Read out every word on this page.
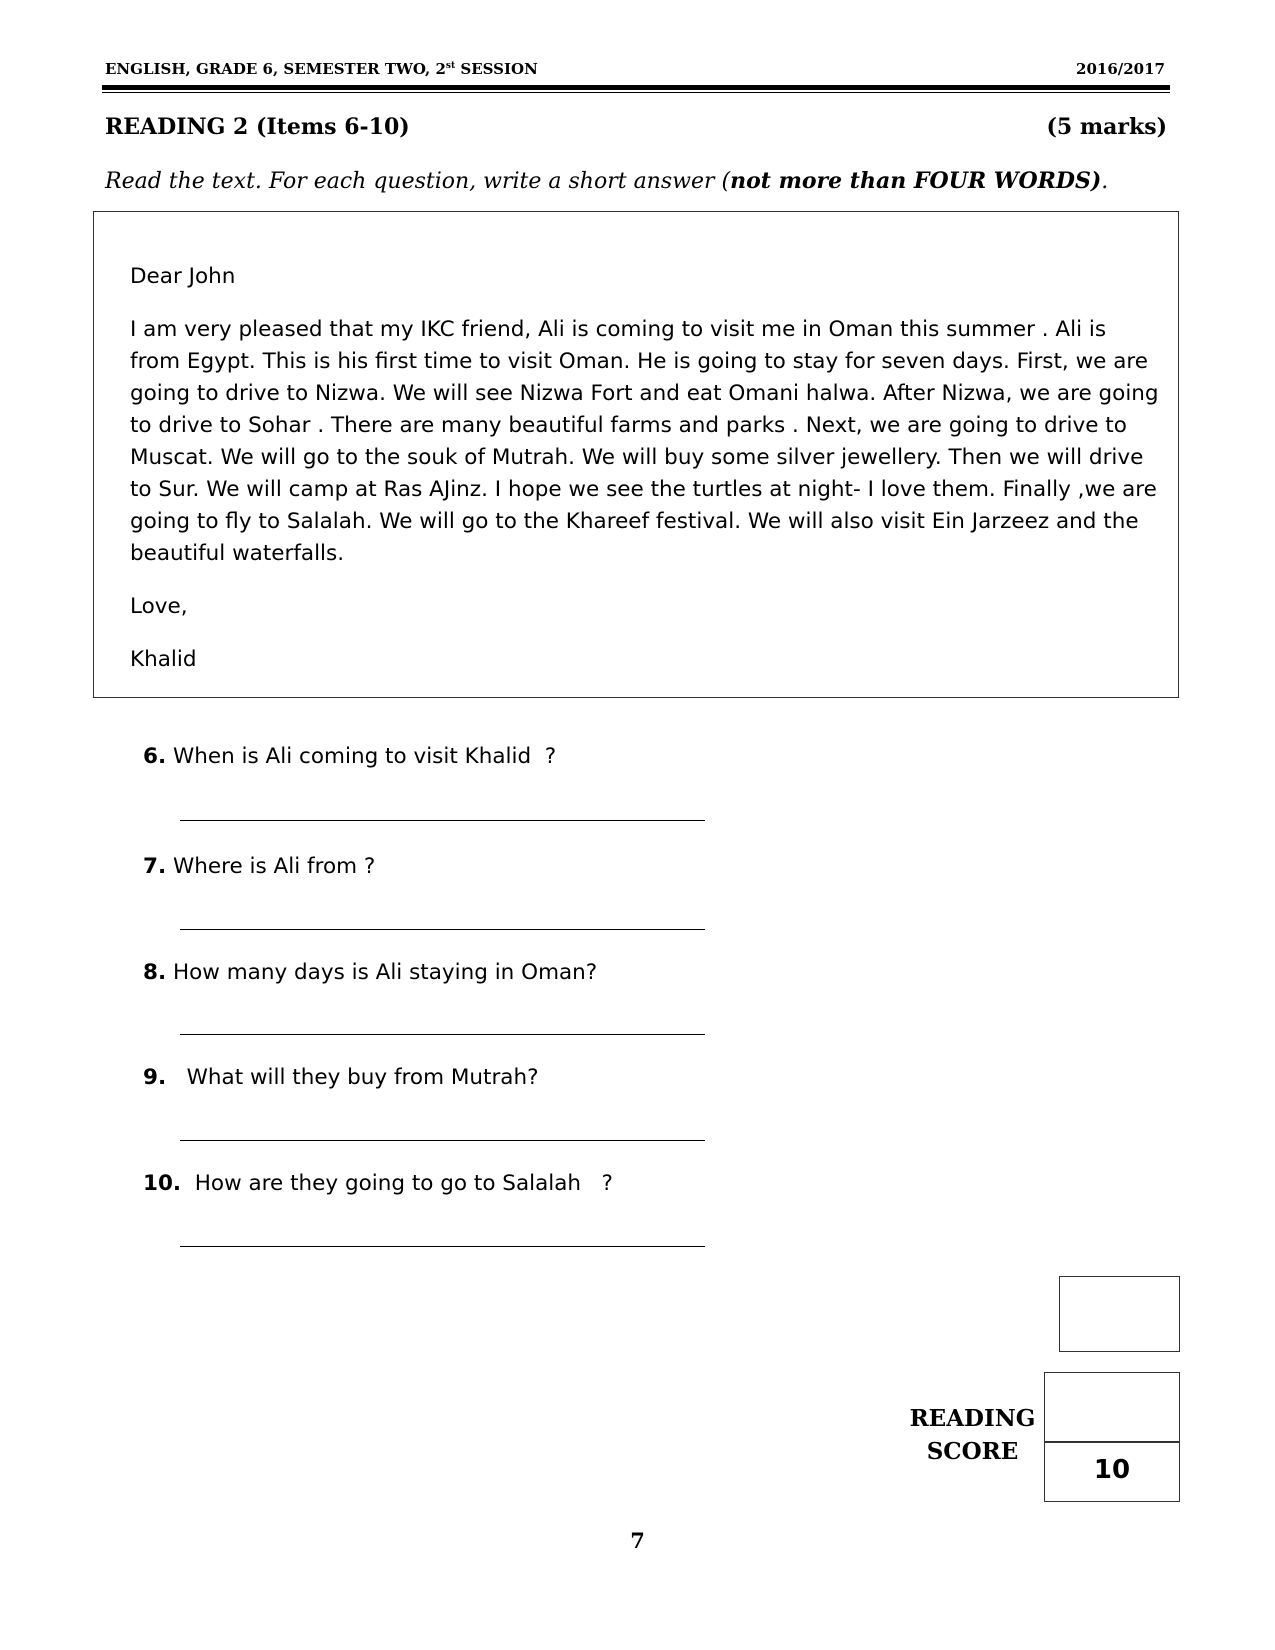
ENGLISH, GRADE 6, SEMESTER TWO, 2st SESSION	2016/2017
READING 2 (Items 6-10)	(5 marks)
Read the text. For each question, write a short answer (not more than FOUR WORDS).
Dear John
I am very pleased that my IKC friend, Ali is coming to visit me in Oman this summer . Ali is from Egypt. This is his first time to visit Oman. He is going to stay for seven days. First, we are going to drive to Nizwa. We will see Nizwa Fort and eat Omani halwa. After Nizwa, we are going to drive to Sohar . There are many beautiful farms and parks . Next, we are going to drive to Muscat. We will go to the souk of Mutrah. We will buy some silver jewellery. Then we will drive to Sur. We will camp at Ras AJinz. I hope we see the turtles at night- I love them. Finally ,we are going to fly to Salalah. We will go to the Khareef festival. We will also visit Ein Jarzeez and the beautiful waterfalls.
Love,
Khalid
6. When is Ali coming to visit Khalid  ?
7. Where is Ali from ?
8. How many days is Ali staying in Oman?
9.   What will they buy from Mutrah?
10.  How are they going to go to Salalah   ?
READING
SCORE
10
7
